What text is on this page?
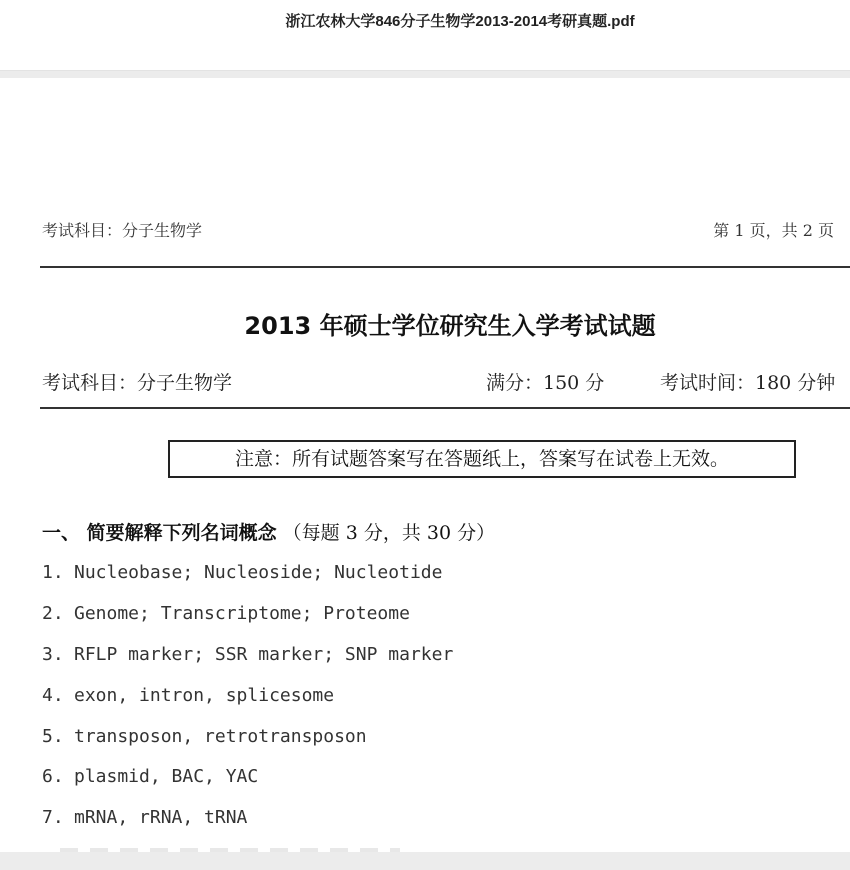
浙江农林大学846分子生物学2013-2014考研真题.pdf
考试科目：分子生物学	第 1 页，共 2 页
2013 年硕士学位研究生入学考试试题
考试科目：分子生物学	满分：150 分	考试时间：180 分钟
注意：所有试题答案写在答题纸上，答案写在试卷上无效。
一、 简要解释下列名词概念 （每题 3 分，共 30 分）
1. Nucleobase; Nucleoside; Nucleotide
2. Genome; Transcriptome; Proteome
3. RFLP marker; SSR marker; SNP marker
4. exon, intron, splicesome
5. transposon, retrotransposon
6. plasmid, BAC, YAC
7. mRNA, rRNA, tRNA
